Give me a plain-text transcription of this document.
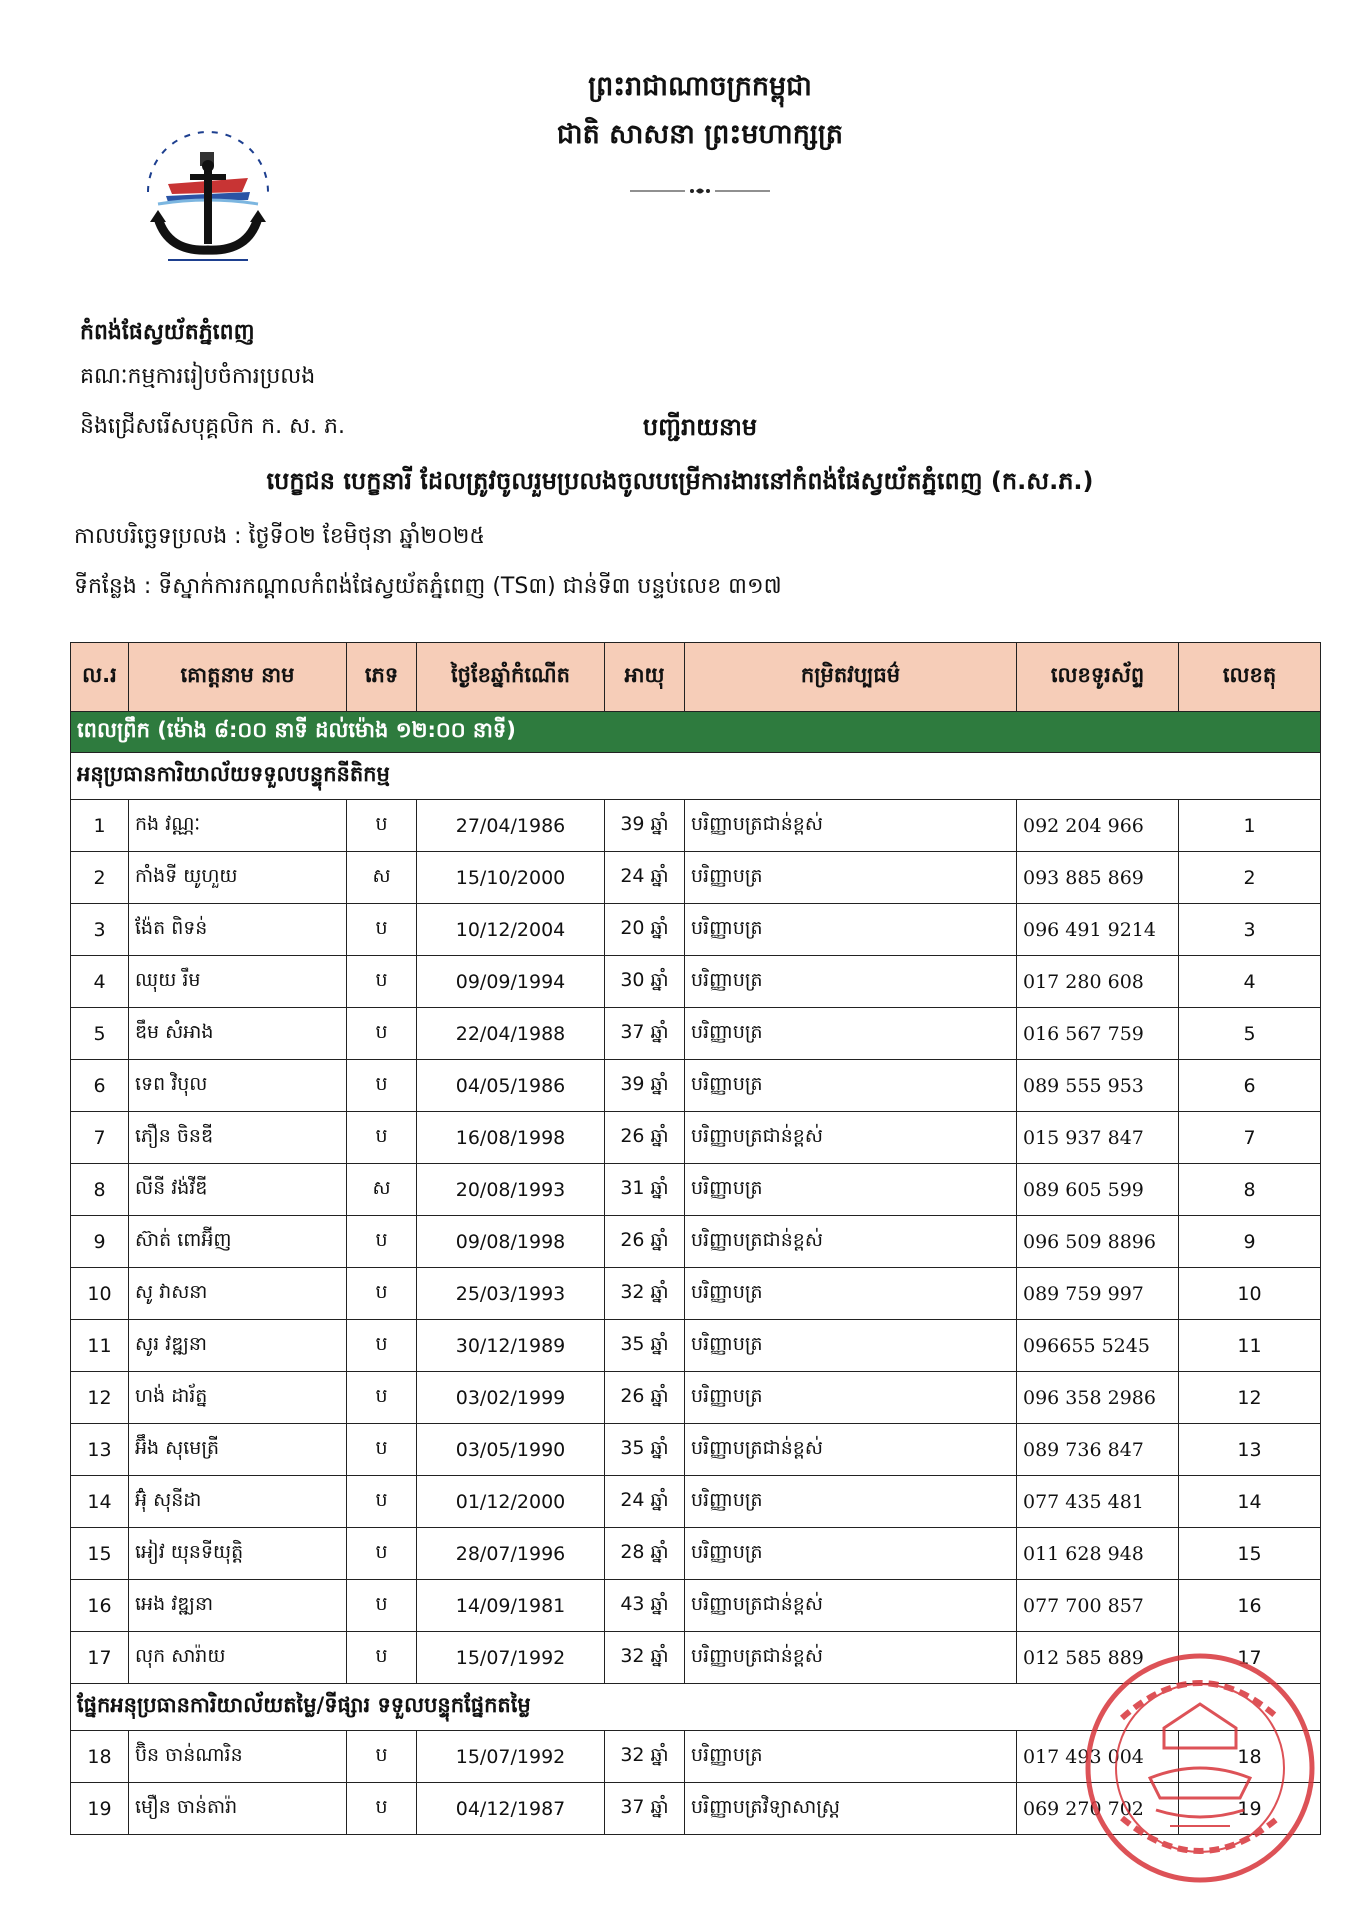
ព្រះរាជាណាចក្រកម្ពុជា
ជាតិ សាសនា ព្រះមហាក្សត្រ
កំពង់ផែស្វយ័តភ្នំពេញ
គណៈកម្មការរៀបចំការប្រលង
និងជ្រើសរើសបុគ្គលិក ក. ស. ភ.	បញ្ជីរាយនាម
បេក្ខជន បេក្ខនារី ដែលត្រូវចូលរួមប្រលងចូលបម្រើការងារនៅកំពង់ផែស្វយ័តភ្នំពេញ (ក.ស.ភ.)
កាលបរិច្ឆេទប្រលង : ថ្ងៃទី០២ ខែមិថុនា ឆ្នាំ២០២៥
ទីកន្លែង : ទីស្នាក់ការកណ្ដាលកំពង់ផែស្វយ័តភ្នំពេញ (TS៣) ជាន់ទី៣ បន្ទប់លេខ ៣១៧
ល.រ	គោត្តនាម នាម	ភេទ	ថ្ងៃខែឆ្នាំកំណើត	អាយុ	កម្រិតវប្បធម៌	លេខទូរស័ព្ទ	លេខតុ
ពេលព្រឹក (ម៉ោង ៨:០០ នាទី ដល់ម៉ោង ១២:០០ នាទី)							
អនុប្រធានការិយាល័យទទួលបន្ទុកនីតិកម្ម							
1	កង វណ្ណៈ	ប	27/04/1986	39 ឆ្នាំ	បរិញ្ញាបត្រជាន់ខ្ពស់	092 204 966	1
2	កាំងទី យូហួយ	ស	15/10/2000	24 ឆ្នាំ	បរិញ្ញាបត្រ	093 885 869	2
3	ង៉ែត ពិទន់	ប	10/12/2004	20 ឆ្នាំ	បរិញ្ញាបត្រ	096 491 9214	3
4	ឈុយ រឹម	ប	09/09/1994	30 ឆ្នាំ	បរិញ្ញាបត្រ	017 280 608	4
5	ឌឹម សំអាង	ប	22/04/1988	37 ឆ្នាំ	បរិញ្ញាបត្រ	016 567 759	5
6	ទេព វិបុល	ប	04/05/1986	39 ឆ្នាំ	បរិញ្ញាបត្រ	089 555 953	6
7	ភឿន ចិនឌី	ប	16/08/1998	26 ឆ្នាំ	បរិញ្ញាបត្រជាន់ខ្ពស់	015 937 847	7
8	លីនី វង់វីឌី	ស	20/08/1993	31 ឆ្នាំ	បរិញ្ញាបត្រ	089 605 599	8
9	ស៊ាត់ ពោអ៊ីញ	ប	09/08/1998	26 ឆ្នាំ	បរិញ្ញាបត្រជាន់ខ្ពស់	096 509 8896	9
10	សូ វាសនា	ប	25/03/1993	32 ឆ្នាំ	បរិញ្ញាបត្រ	089 759 997	10
11	សូរ វឌ្ឍនា	ប	30/12/1989	35 ឆ្នាំ	បរិញ្ញាបត្រ	096655 5245	11
12	ហង់ ដារ័ត្ន	ប	03/02/1999	26 ឆ្នាំ	បរិញ្ញាបត្រ	096 358 2986	12
13	អ៊ឹង សុមេត្រី	ប	03/05/1990	35 ឆ្នាំ	បរិញ្ញាបត្រជាន់ខ្ពស់	089 736 847	13
14	អ៊ុំ សុនីដា	ប	01/12/2000	24 ឆ្នាំ	បរិញ្ញាបត្រ	077 435 481	14
15	អៀវ យុនទីយុត្តិ	ប	28/07/1996	28 ឆ្នាំ	បរិញ្ញាបត្រ	011 628 948	15
16	អេង វឌ្ឍនា	ប	14/09/1981	43 ឆ្នាំ	បរិញ្ញាបត្រជាន់ខ្ពស់	077 700 857	16
17	លុក សារ៉ាយ	ប	15/07/1992	32 ឆ្នាំ	បរិញ្ញាបត្រជាន់ខ្ពស់	012 585 889	17
ផ្នែកអនុប្រធានការិយាល័យតម្លៃ/ទីផ្សារ ទទួលបន្ទុកផ្នែកតម្លៃ							
18	ប៊ិន ចាន់ណារិន	ប	15/07/1992	32 ឆ្នាំ	បរិញ្ញាបត្រ	017 493 004	18
19	មឿន ចាន់តារ៉ា	ប	04/12/1987	37 ឆ្នាំ	បរិញ្ញាបត្រវិទ្យាសាស្ត្រ	069 270 702	19
